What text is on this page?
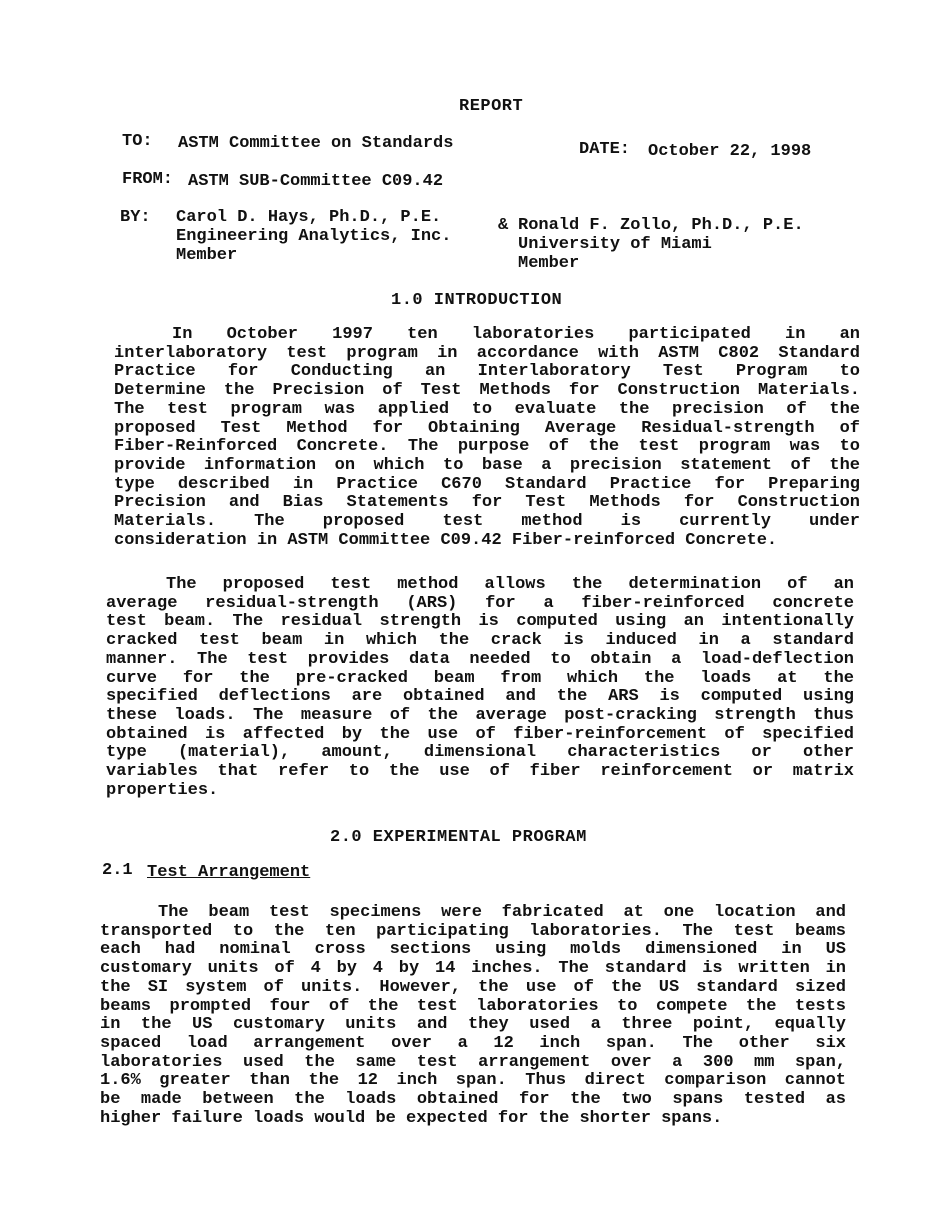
REPORT
TO: ASTM Committee on Standards	DATE: October 22, 1998
FROM: ASTM SUB-Committee C09.42
BY: Carol D. Hays, Ph.D., P.E.
Engineering Analytics, Inc.
Member
& Ronald F. Zollo, Ph.D., P.E.
University of Miami
Member
1.0 INTRODUCTION
In October 1997 ten laboratories participated in an
interlaboratory test program in accordance with ASTM C802 Standard
Practice for Conducting an Interlaboratory Test Program to
Determine the Precision of Test Methods for Construction Materials.
The test program was applied to evaluate the precision of the
proposed Test Method for Obtaining Average Residual-strength of
Fiber-Reinforced Concrete. The purpose of the test program was to
provide information on which to base a precision statement of the
type described in Practice C670 Standard Practice for Preparing
Precision and Bias Statements for Test Methods for Construction
Materials. The proposed test method is currently under
consideration in ASTM Committee C09.42 Fiber-reinforced Concrete.
The proposed test method allows the determination of an
average residual-strength (ARS) for a fiber-reinforced concrete
test beam. The residual strength is computed using an intentionally
cracked test beam in which the crack is induced in a standard
manner. The test provides data needed to obtain a load-deflection
curve for the pre-cracked beam from which the loads at the
specified deflections are obtained and the ARS is computed using
these loads. The measure of the average post-cracking strength thus
obtained is affected by the use of fiber-reinforcement of specified
type (material), amount, dimensional characteristics or other
variables that refer to the use of fiber reinforcement or matrix
properties.
2.0 EXPERIMENTAL PROGRAM
2.1 Test Arrangement
The beam test specimens were fabricated at one location and
transported to the ten participating laboratories. The test beams
each had nominal cross sections using molds dimensioned in US
customary units of 4 by 4 by 14 inches. The standard is written in
the SI system of units. However, the use of the US standard sized
beams prompted four of the test laboratories to compete the tests
in the US customary units and they used a three point, equally
spaced load arrangement over a 12 inch span. The other six
laboratories used the same test arrangement over a 300 mm span,
1.6% greater than the 12 inch span. Thus direct comparison cannot
be made between the loads obtained for the two spans tested as
higher failure loads would be expected for the shorter spans.
